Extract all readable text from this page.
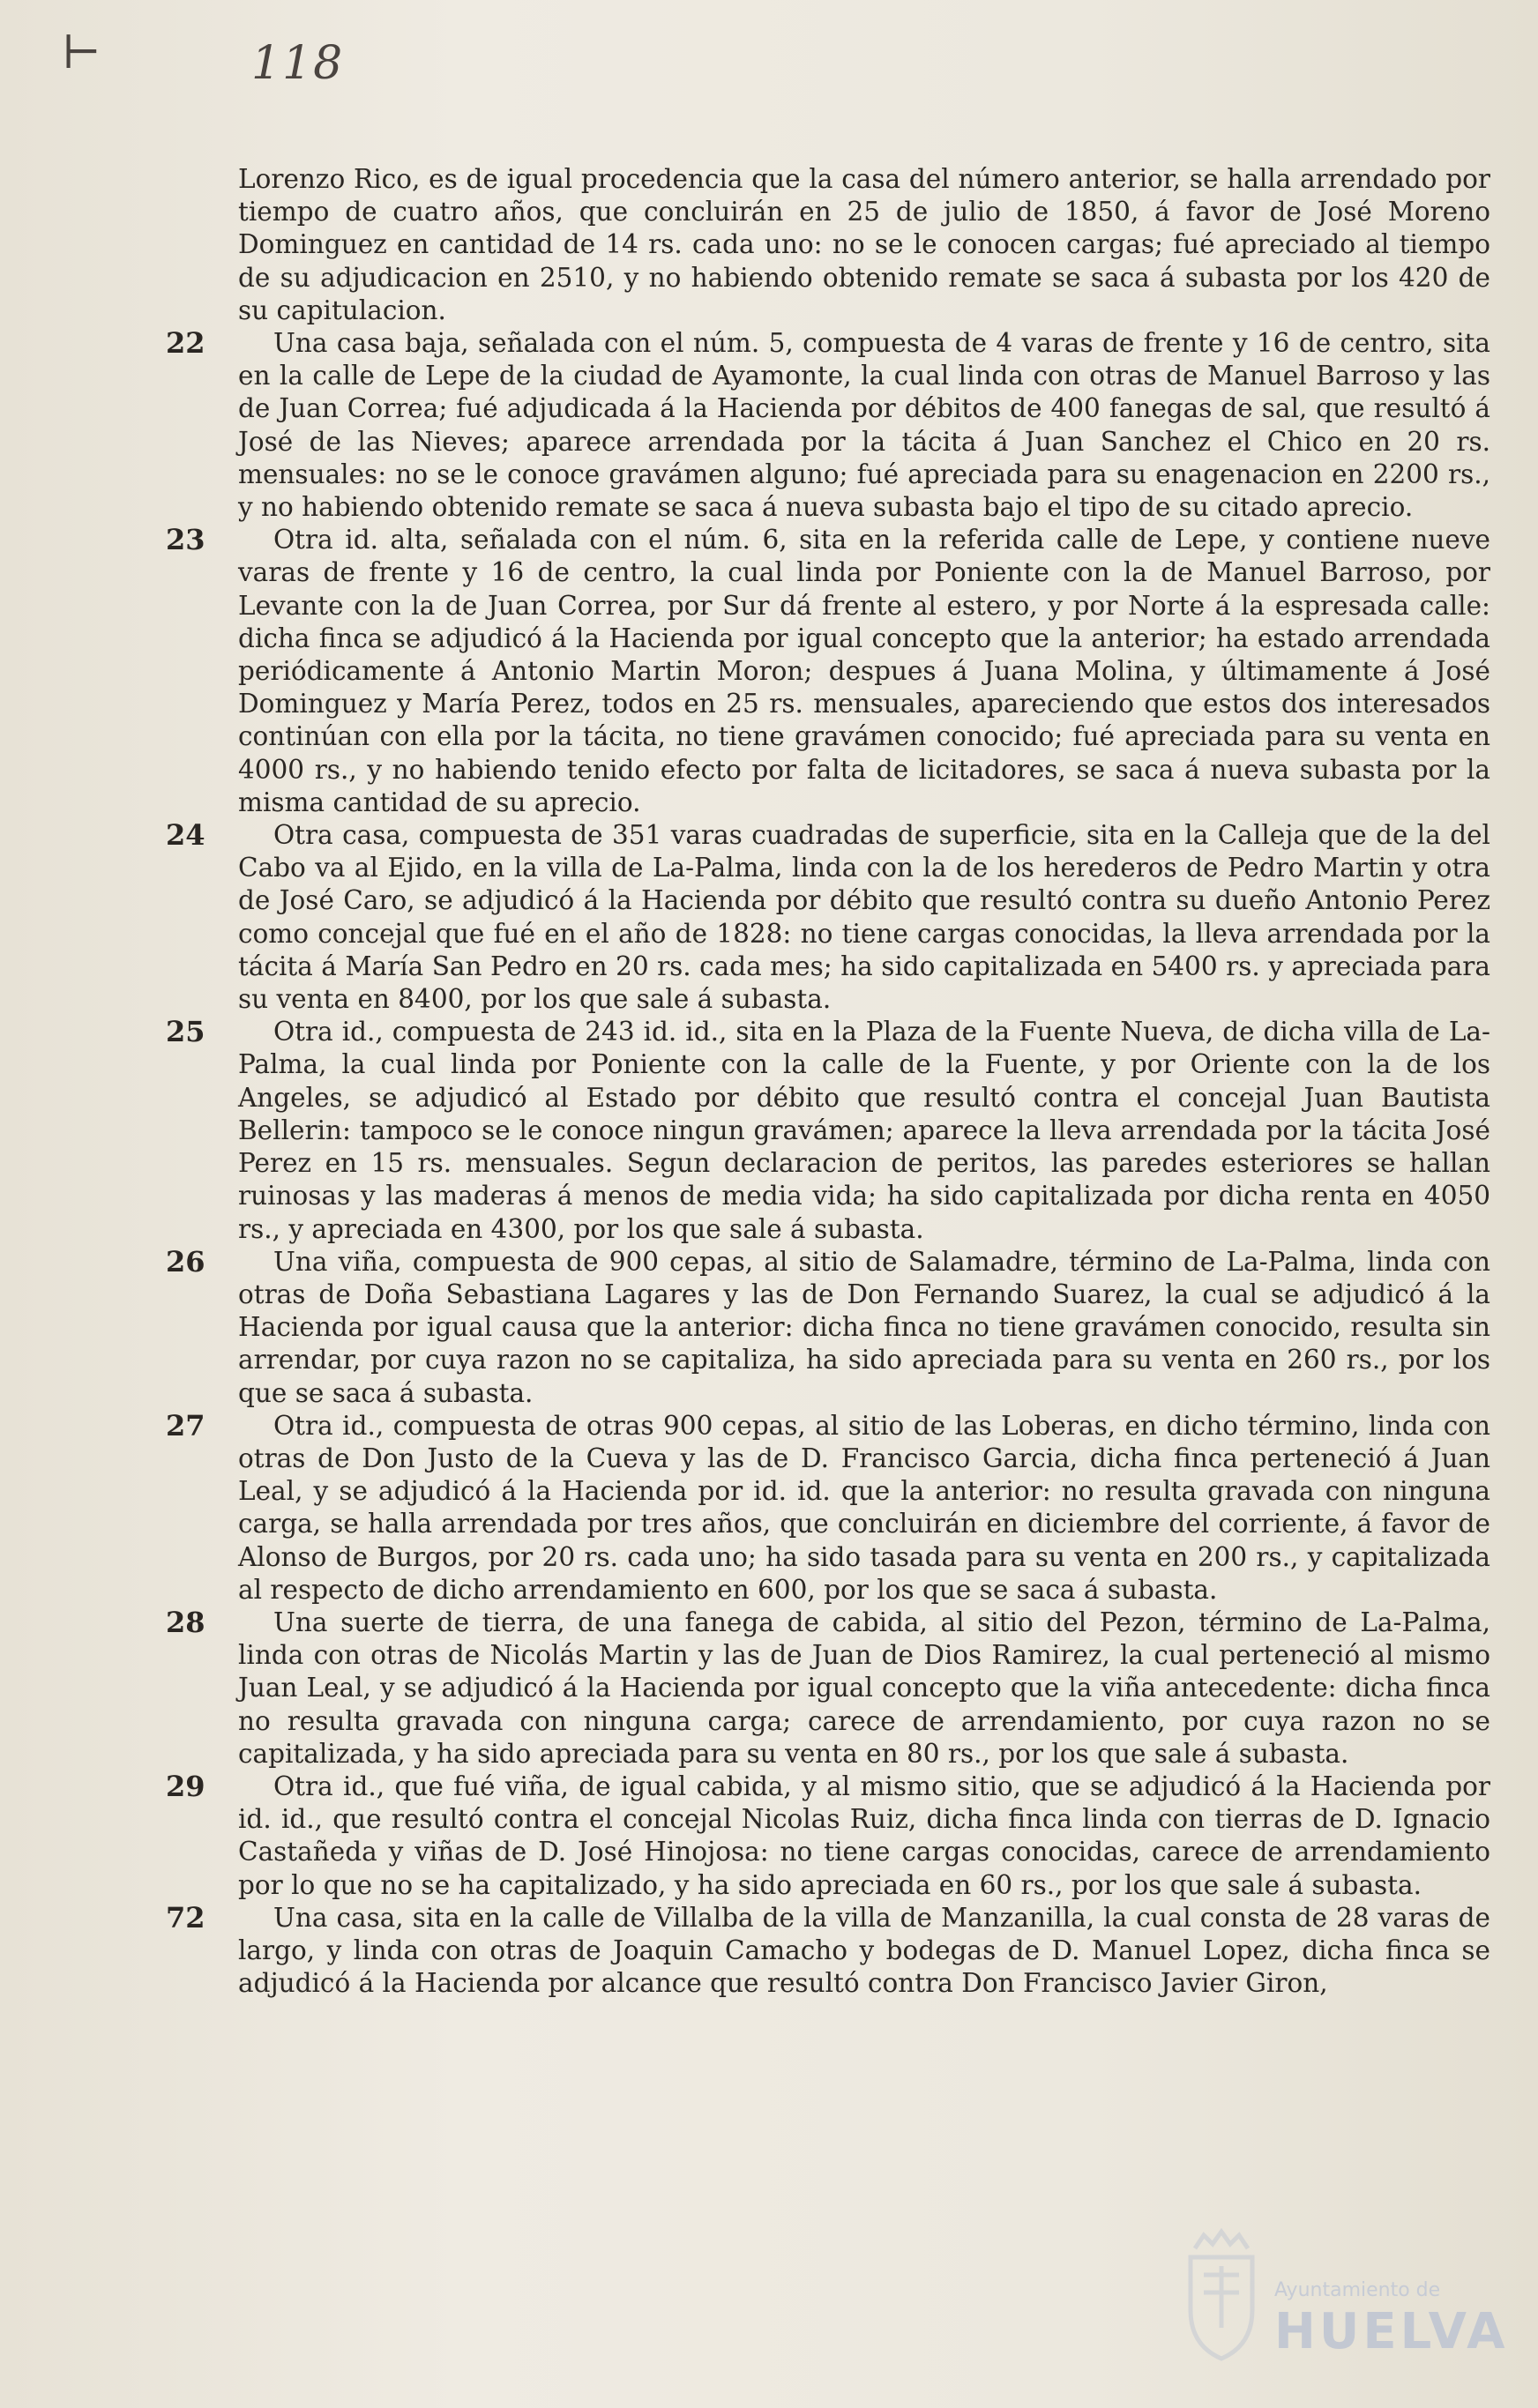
⊢	118

Lorenzo Rico, es de igual procedencia que la casa del número anterior, se halla arrendado por tiempo de cuatro años, que concluirán en 25 de julio de 1850, á favor de José Moreno Dominguez en cantidad de 14 rs. cada uno: no se le conocen cargas; fué apreciado al tiempo de su adjudicacion en 2510, y no habiendo obtenido remate se saca á subasta por los 420 de su capitulacion.

22	Una casa baja, señalada con el núm. 5, compuesta de 4 varas de frente y 16 de centro, sita en la calle de Lepe de la ciudad de Ayamonte, la cual linda con otras de Manuel Barroso y las de Juan Correa; fué adjudicada á la Hacienda por débitos de 400 fanegas de sal, que resultó á José de las Nieves; aparece arrendada por la tácita á Juan Sanchez el Chico en 20 rs. mensuales: no se le conoce gravámen alguno; fué apreciada para su enagenacion en 2200 rs., y no habiendo obtenido remate se saca á nueva subasta bajo el tipo de su citado aprecio.

23	Otra id. alta, señalada con el núm. 6, sita en la referida calle de Lepe, y contiene nueve varas de frente y 16 de centro, la cual linda por Poniente con la de Manuel Barroso, por Levante con la de Juan Correa, por Sur dá frente al estero, y por Norte á la espresada calle: dicha finca se adjudicó á la Hacienda por igual concepto que la anterior; ha estado arrendada periódicamente á Antonio Martin Moron; despues á Juana Molina, y últimamente á José Dominguez y María Perez, todos en 25 rs. mensuales, apareciendo que estos dos interesados continúan con ella por la tácita, no tiene gravámen conocido; fué apreciada para su venta en 4000 rs., y no habiendo tenido efecto por falta de licitadores, se saca á nueva subasta por la misma cantidad de su aprecio.

24	Otra casa, compuesta de 351 varas cuadradas de superficie, sita en la Calleja que de la del Cabo va al Ejido, en la villa de La-Palma, linda con la de los herederos de Pedro Martin y otra de José Caro, se adjudicó á la Hacienda por débito que resultó contra su dueño Antonio Perez como concejal que fué en el año de 1828: no tiene cargas conocidas, la lleva arrendada por la tácita á María San Pedro en 20 rs. cada mes; ha sido capitalizada en 5400 rs. y apreciada para su venta en 8400, por los que sale á subasta.

25	Otra id., compuesta de 243 id. id., sita en la Plaza de la Fuente Nueva, de dicha villa de La-Palma, la cual linda por Poniente con la calle de la Fuente, y por Oriente con la de los Angeles, se adjudicó al Estado por débito que resultó contra el concejal Juan Bautista Bellerin: tampoco se le conoce ningun gravámen; aparece la lleva arrendada por la tácita José Perez en 15 rs. mensuales. Segun declaracion de peritos, las paredes esteriores se hallan ruinosas y las maderas á menos de media vida; ha sido capitalizada por dicha renta en 4050 rs., y apreciada en 4300, por los que sale á subasta.

26	Una viña, compuesta de 900 cepas, al sitio de Salamadre, término de La-Palma, linda con otras de Doña Sebastiana Lagares y las de Don Fernando Suarez, la cual se adjudicó á la Hacienda por igual causa que la anterior: dicha finca no tiene gravámen conocido, resulta sin arrendar, por cuya razon no se capitaliza, ha sido apreciada para su venta en 260 rs., por los que se saca á subasta.

27	Otra id., compuesta de otras 900 cepas, al sitio de las Loberas, en dicho término, linda con otras de Don Justo de la Cueva y las de D. Francisco Garcia, dicha finca perteneció á Juan Leal, y se adjudicó á la Hacienda por id. id. que la anterior: no resulta gravada con ninguna carga, se halla arrendada por tres años, que concluirán en diciembre del corriente, á favor de Alonso de Burgos, por 20 rs. cada uno; ha sido tasada para su venta en 200 rs., y capitalizada al respecto de dicho arrendamiento en 600, por los que se saca á subasta.

28	Una suerte de tierra, de una fanega de cabida, al sitio del Pezon, término de La-Palma, linda con otras de Nicolás Martin y las de Juan de Dios Ramirez, la cual perteneció al mismo Juan Leal, y se adjudicó á la Hacienda por igual concepto que la viña antecedente: dicha finca no resulta gravada con ninguna carga; carece de arrendamiento, por cuya razon no se capitalizada, y ha sido apreciada para su venta en 80 rs., por los que sale á subasta.

29	Otra id., que fué viña, de igual cabida, y al mismo sitio, que se adjudicó á la Hacienda por id. id., que resultó contra el concejal Nicolas Ruiz, dicha finca linda con tierras de D. Ignacio Castañeda y viñas de D. José Hinojosa: no tiene cargas conocidas, carece de arrendamiento por lo que no se ha capitalizado, y ha sido apreciada en 60 rs., por los que sale á subasta.

72	Una casa, sita en la calle de Villalba de la villa de Manzanilla, la cual consta de 28 varas de largo, y linda con otras de Joaquin Camacho y bodegas de D. Manuel Lopez, dicha finca se adjudicó á la Hacienda por alcance que resultó contra Don Francisco Javier Giron,

Ayuntamiento de
HUELVA
